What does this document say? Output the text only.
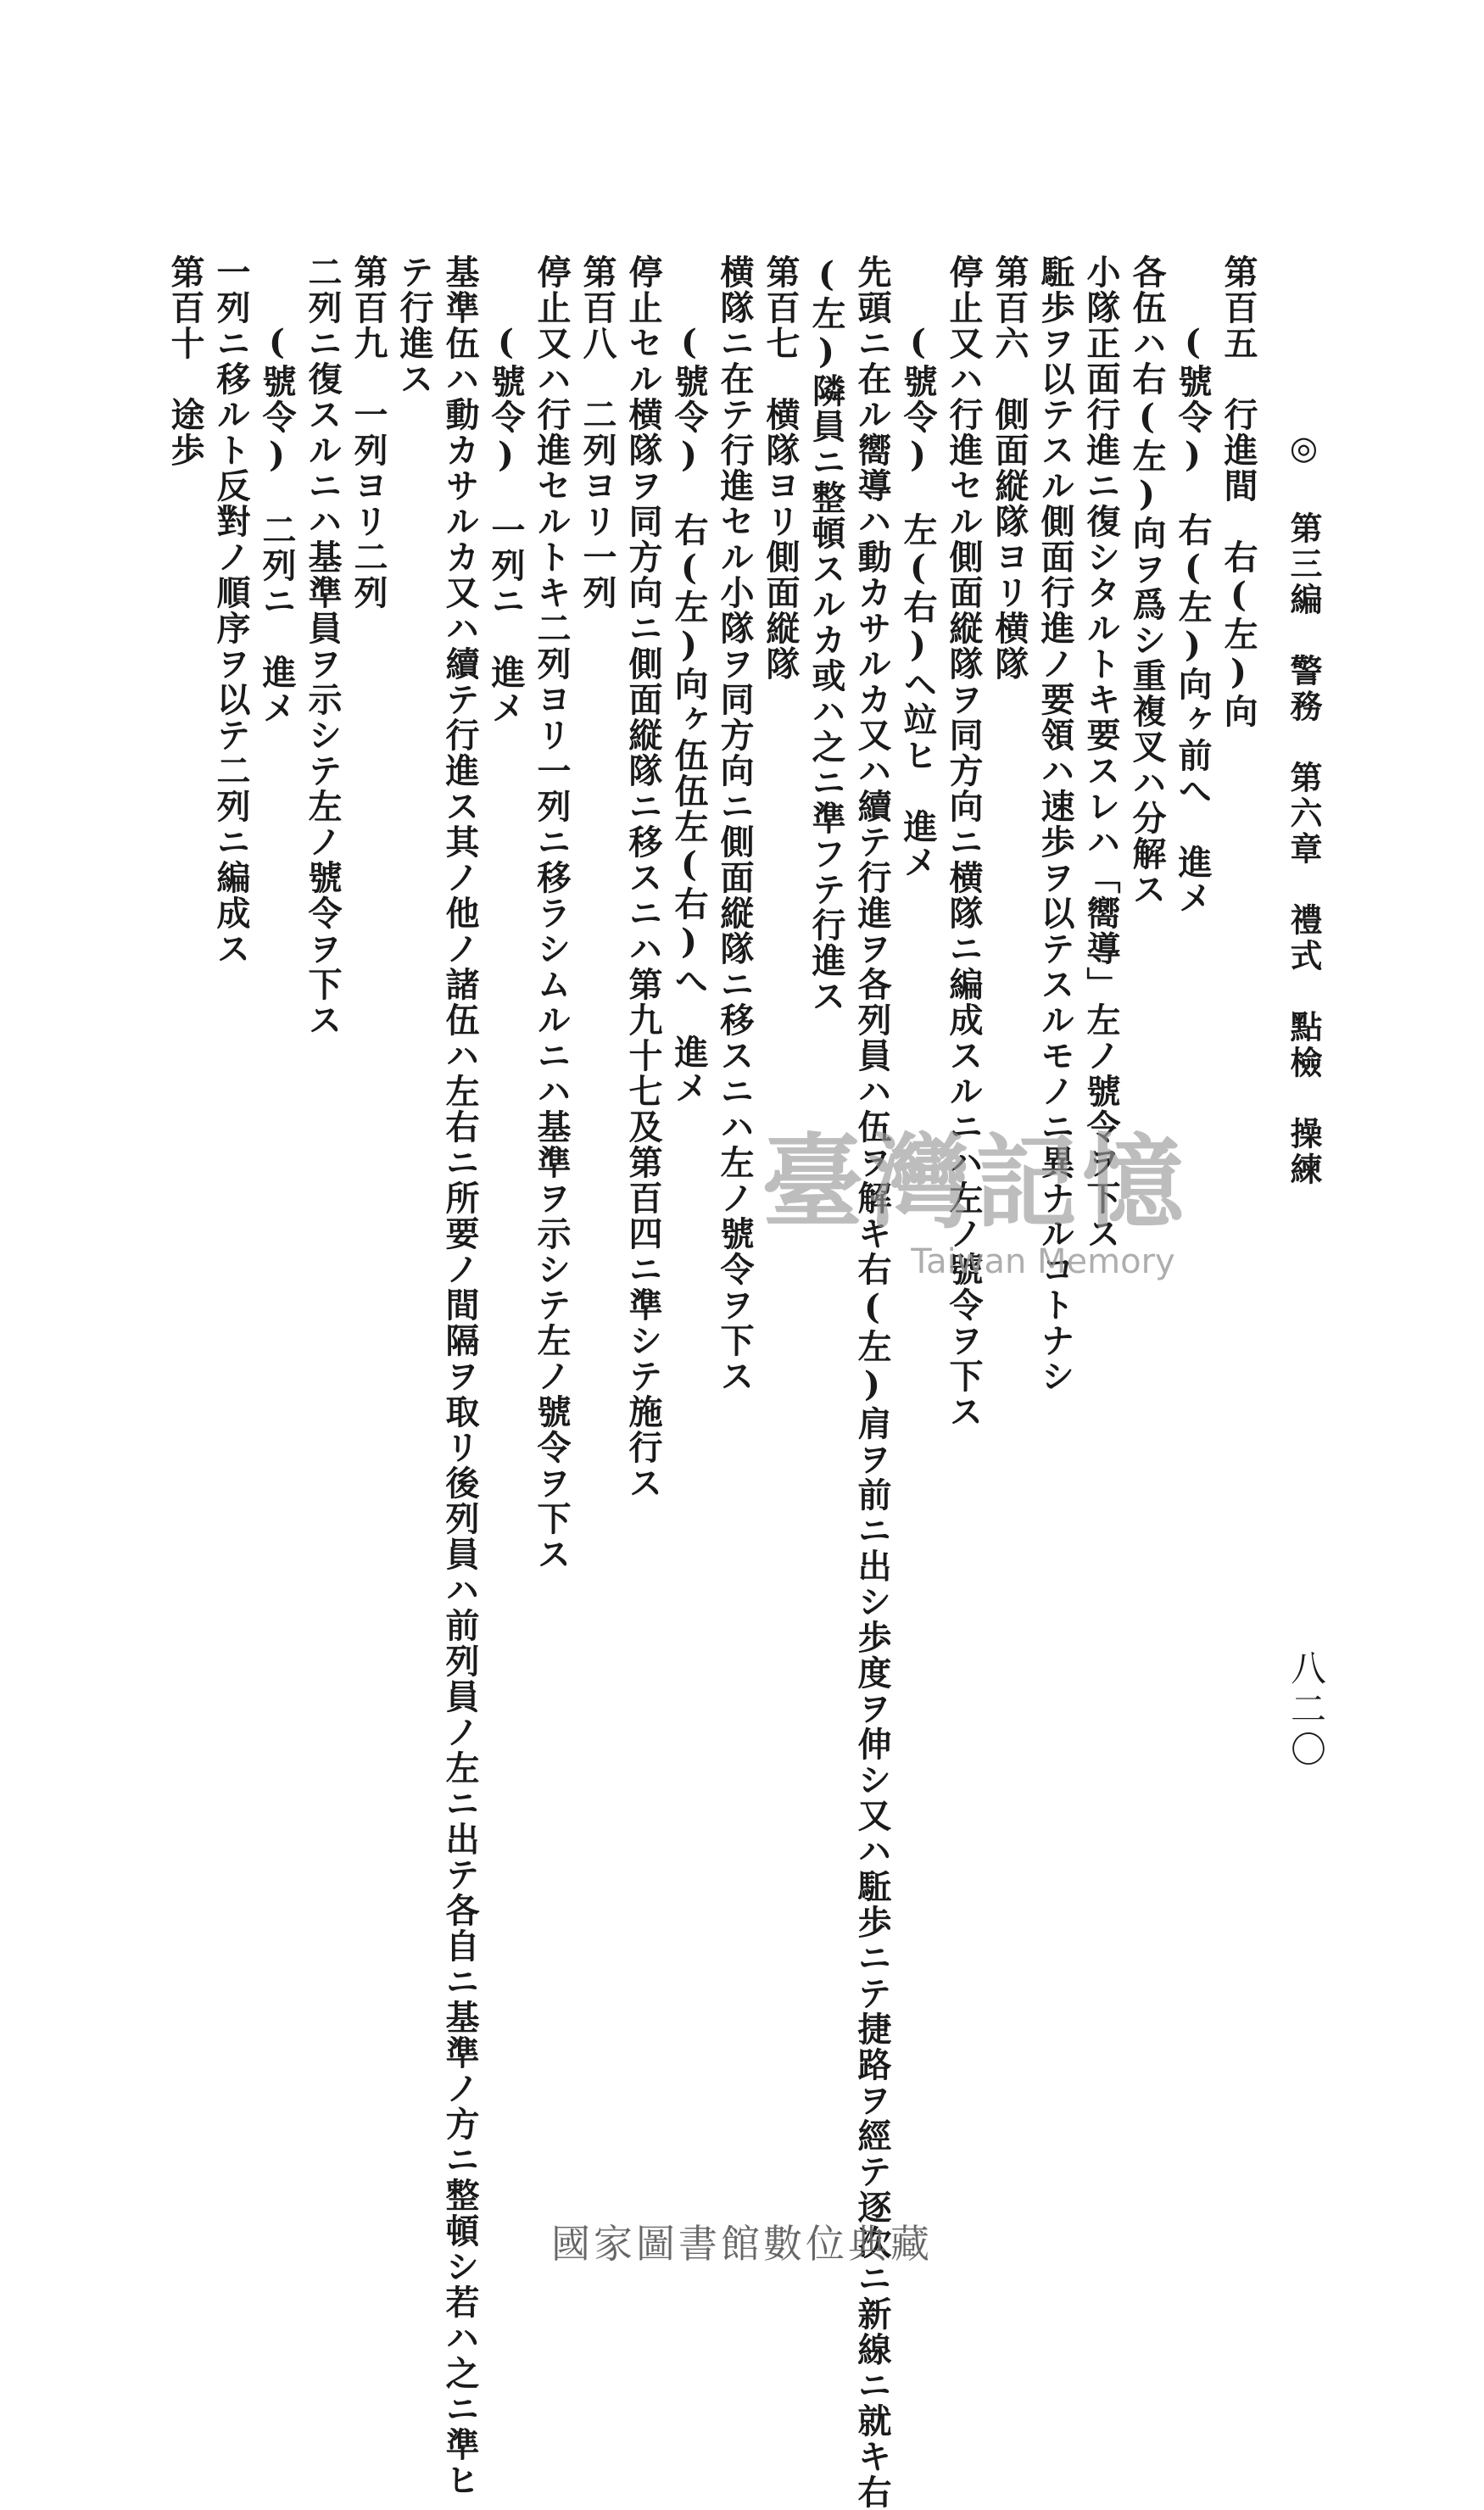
◎ 第三編　警務　第六章　禮式　點檢　操練
八二〇
第百五　行進間　右(左)向
(號令)　右(左)向ヶ前へ　進メ
各伍ハ右(左)向ヲ爲シ重複叉ハ分解ス
小隊正面行進ニ復シタルトキ要スレハ「嚮導」左ノ號令ヲ下ス
駈歩ヲ以テスル側面行進ノ要領ハ速歩ヲ以テスルモノニ異ナルコトナシ
第百六　側面縦隊ヨリ横隊
停止又ハ行進セル側面縦隊ヲ同方向ニ横隊ニ編成スルニハ左ノ號令ヲ下ス
(號令)　左(右)ヘ竝ヒ　進メ
先頭ニ在ル嚮導ハ動カサルカ又ハ續テ行進ヲ各列員ハ伍ヲ解キ右(左)肩ヲ前ニ出シ歩度ヲ伸シ又ハ駈歩ニテ捷路ヲ經テ逐次ニ新線ニ就キ右
(左)隣員ニ整頓スルカ或ハ之ニ準フテ行進ス
第百七　横隊ヨリ側面縦隊
横隊ニ在テ行進セル小隊ヲ同方向ニ側面縦隊ニ移スニハ左ノ號令ヲ下ス
(號令)　右(左)向ヶ伍伍左(右)へ　進メ
停止セル横隊ヲ同方向ニ側面縦隊ニ移スニハ第九十七及第百四ニ準シテ施行ス
第百八　二列ヨリ一列
停止又ハ行進セルトキ二列ヨリ一列ニ移ラシムルニハ基準ヲ示シテ左ノ號令ヲ下ス
(號令)　一列ニ　進メ
基準伍ハ動カサルカ又ハ續テ行進ス其ノ他ノ諸伍ハ左右ニ所要ノ間隔ヲ取リ後列員ハ前列員ノ左ニ出テ各自ニ基準ノ方ニ整頓シ若ハ之ニ準ヒ
テ行進ス
第百九　一列ヨリ二列
二列ニ復スルニハ基準員ヲ示シテ左ノ號令ヲ下ス
(號令)　二列ニ　進メ
一列ニ移ルト反對ノ順序ヲ以テ二列ニ編成ス
第百十　途歩
臺灣記憶
Taiwan Memory
國家圖書館數位典藏
